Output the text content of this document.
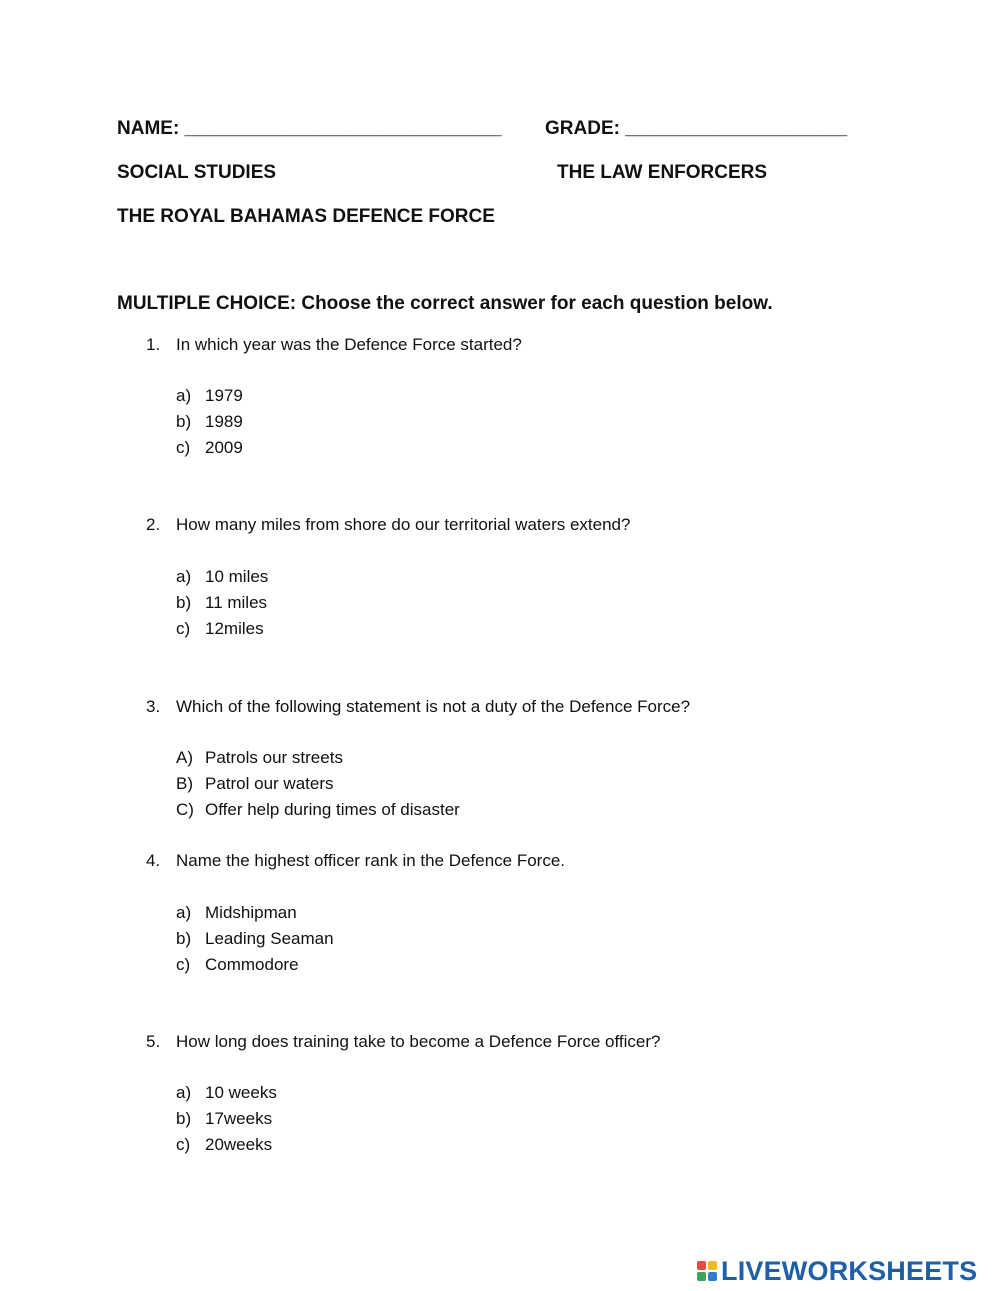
NAME: ______________________________ GRADE: _____________________
SOCIAL STUDIES	THE LAW ENFORCERS
THE ROYAL BAHAMAS DEFENCE FORCE
MULTIPLE CHOICE: Choose the correct answer for each question below.
1. In which year was the Defence Force started?
a) 1979
b) 1989
c) 2009
2. How many miles from shore do our territorial waters extend?
a) 10 miles
b) 11 miles
c) 12miles
3. Which of the following statement is not a duty of the Defence Force?
A) Patrols our streets
B) Patrol our waters
C) Offer help during times of disaster
4. Name the highest officer rank in the Defence Force.
a) Midshipman
b) Leading Seaman
c) Commodore
5. How long does training take to become a Defence Force officer?
a) 10 weeks
b) 17weeks
c) 20weeks
LIVEWORKSHEETS
